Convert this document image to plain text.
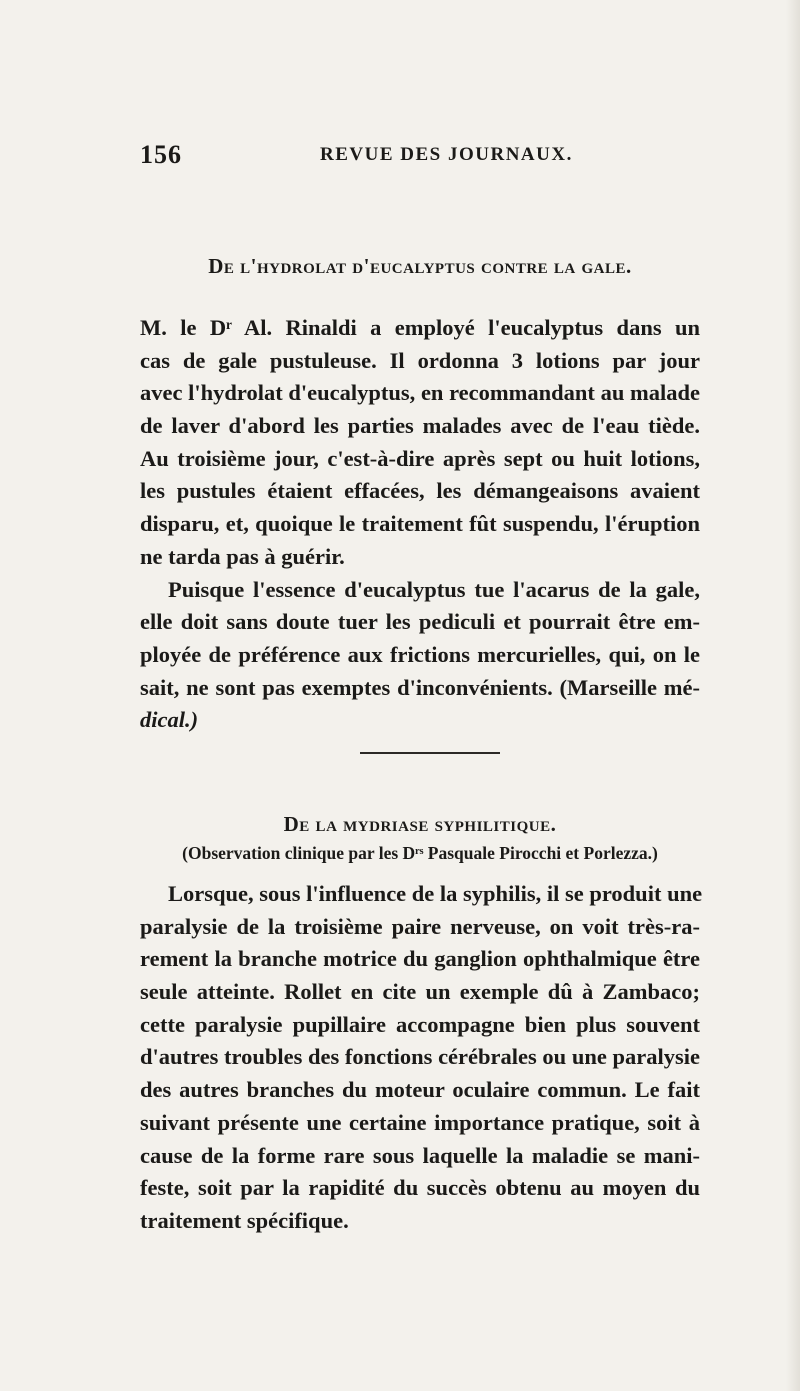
156	REVUE DES JOURNAUX.
De l'hydrolat d'eucalyptus contre la gale.
M. le Dʳ Al. Rinaldi a employé l'eucalyptus dans un
cas de gale pustuleuse. Il ordonna 3 lotions par jour
avec l'hydrolat d'eucalyptus, en recommandant au malade
de laver d'abord les parties malades avec de l'eau tiède.
Au troisième jour, c'est-à-dire après sept ou huit lotions,
les pustules étaient effacées, les démangeaisons avaient
disparu, et, quoique le traitement fût suspendu, l'éruption
ne tarda pas à guérir.
Puisque l'essence d'eucalyptus tue l'acarus de la gale,
elle doit sans doute tuer les pediculi et pourrait être em-
ployée de préférence aux frictions mercurielles, qui, on le
sait, ne sont pas exemptes d'inconvénients. (Marseille mé-
dical.)
De la mydriase syphilitique.
(Observation clinique par les Dʳˢ Pasquale Pirocchi et Porlezza.)
Lorsque, sous l'influence de la syphilis, il se produit une
paralysie de la troisième paire nerveuse, on voit très-ra-
rement la branche motrice du ganglion ophthalmique être
seule atteinte. Rollet en cite un exemple dû à Zambaco;
cette paralysie pupillaire accompagne bien plus souvent
d'autres troubles des fonctions cérébrales ou une paralysie
des autres branches du moteur oculaire commun. Le fait
suivant présente une certaine importance pratique, soit à
cause de la forme rare sous laquelle la maladie se mani-
feste, soit par la rapidité du succès obtenu au moyen du
traitement spécifique.
